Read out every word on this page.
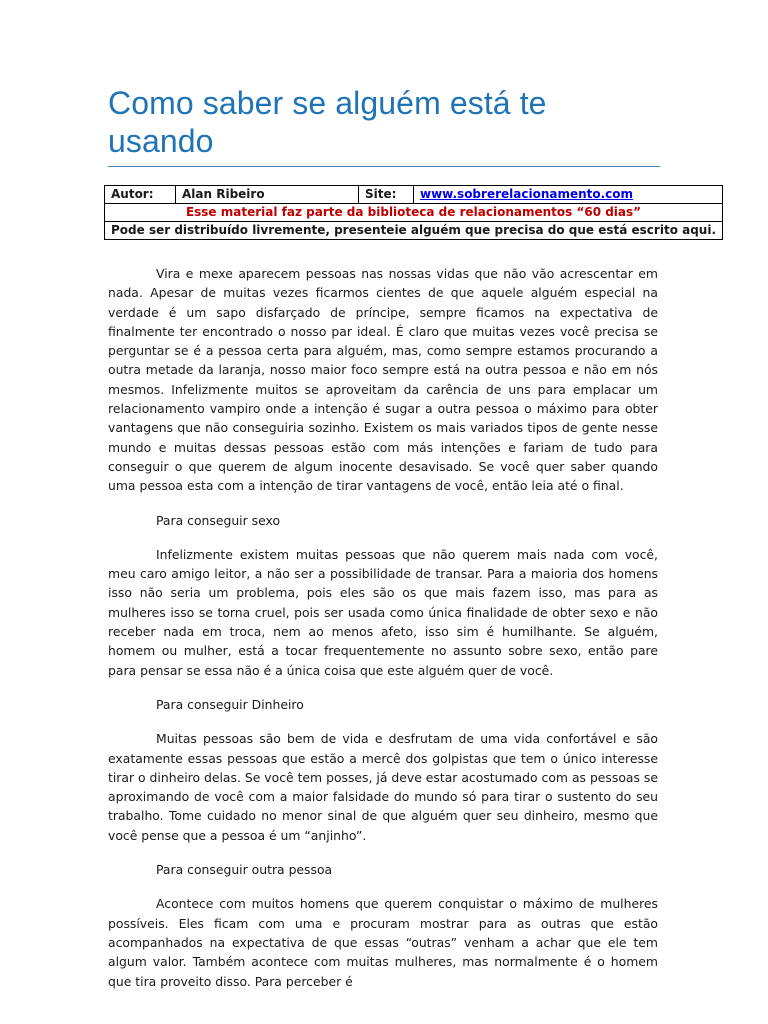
Como saber se alguém está te usando
Autor:	Alan Ribeiro	Site:	www.sobrerelacionamento.com
Esse material faz parte da biblioteca de relacionamentos “60 dias”
Pode ser distribuído livremente, presenteie alguém que precisa do que está escrito aqui.

Vira e mexe aparecem pessoas nas nossas vidas que não vão acrescentar em nada. Apesar de muitas vezes ficarmos cientes de que aquele alguém especial na verdade é um sapo disfarçado de príncipe, sempre ficamos na expectativa de finalmente ter encontrado o nosso par ideal. É claro que muitas vezes você precisa se perguntar se é a pessoa certa para alguém, mas, como sempre estamos procurando a outra metade da laranja, nosso maior foco sempre está na outra pessoa e não em nós mesmos. Infelizmente muitos se aproveitam da carência de uns para emplacar um relacionamento vampiro onde a intenção é sugar a outra pessoa o máximo para obter vantagens que não conseguiria sozinho. Existem os mais variados tipos de gente nesse mundo e muitas dessas pessoas estão com más intenções e fariam de tudo para conseguir o que querem de algum inocente desavisado. Se você quer saber quando uma pessoa esta com a intenção de tirar vantagens de você, então leia até o final.

Para conseguir sexo

Infelizmente existem muitas pessoas que não querem mais nada com você, meu caro amigo leitor, a não ser a possibilidade de transar. Para a maioria dos homens isso não seria um problema, pois eles são os que mais fazem isso, mas para as mulheres isso se torna cruel, pois ser usada como única finalidade de obter sexo e não receber nada em troca, nem ao menos afeto, isso sim é humilhante. Se alguém, homem ou mulher, está a tocar frequentemente no assunto sobre sexo, então pare para pensar se essa não é a única coisa que este alguém quer de você.

Para conseguir Dinheiro

Muitas pessoas são bem de vida e desfrutam de uma vida confortável e são exatamente essas pessoas que estão a mercê dos golpistas que tem o único interesse tirar o dinheiro delas. Se você tem posses, já deve estar acostumado com as pessoas se aproximando de você com a maior falsidade do mundo só para tirar o sustento do seu trabalho. Tome cuidado no menor sinal de que alguém quer seu dinheiro, mesmo que você pense que a pessoa é um “anjinho”.

Para conseguir outra pessoa

Acontece com muitos homens que querem conquistar o máximo de mulheres possíveis. Eles ficam com uma e procuram mostrar para as outras que estão acompanhados na expectativa de que essas “outras” venham a achar que ele tem algum valor. Também acontece com muitas mulheres, mas normalmente é o homem que tira proveito disso. Para perceber é
